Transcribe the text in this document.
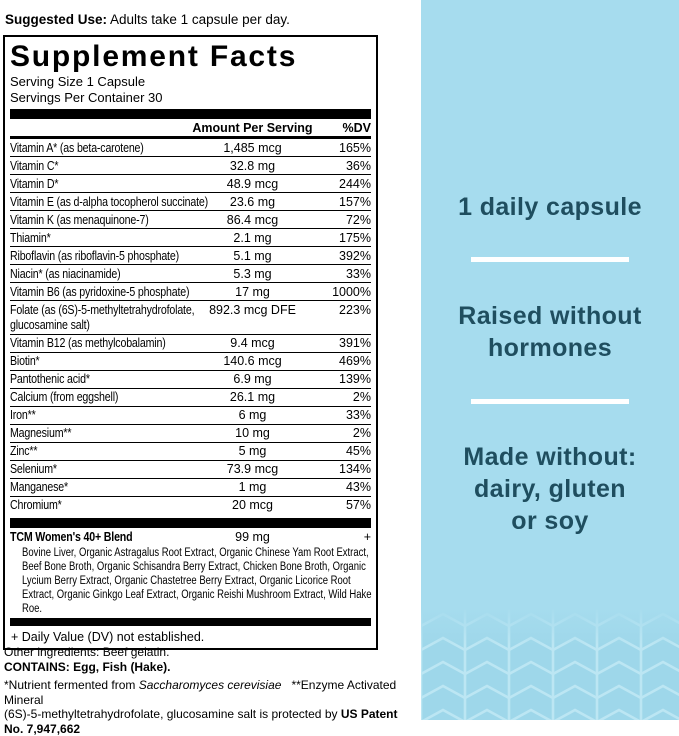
Suggested Use: Adults take 1 capsule per day.
Supplement Facts
Serving Size 1 Capsule
Servings Per Container 30
Amount Per Serving	%DV
Vitamin A* (as beta-carotene)	1,485 mcg	165%
Vitamin C*	32.8 mg	36%
Vitamin D*	48.9 mcg	244%
Vitamin E (as d-alpha tocopherol succinate)	23.6 mg	157%
Vitamin K (as menaquinone-7)	86.4 mcg	72%
Thiamin*	2.1 mg	175%
Riboflavin (as riboflavin-5 phosphate)	5.1 mg	392%
Niacin* (as niacinamide)	5.3 mg	33%
Vitamin B6 (as pyridoxine-5 phosphate)	17 mg	1000%
Folate (as (6S)-5-methyltetrahydrofolate,
glucosamine salt)
892.3 mcg DFE	223%
Vitamin B12 (as methylcobalamin)	9.4 mcg	391%
Biotin*	140.6 mcg	469%
Pantothenic acid*	6.9 mg	139%
Calcium (from eggshell)	26.1 mg	2%
Iron**	6 mg	33%
Magnesium**	10 mg	2%
Zinc**	5 mg	45%
Selenium*	73.9 mcg	134%
Manganese*	1 mg	43%
Chromium*	20 mcg	57%
TCM Women's 40+ Blend	99 mg	+
Bovine Liver, Organic Astragalus Root Extract, Organic Chinese Yam Root Extract, Beef Bone Broth, Organic Schisandra Berry Extract, Chicken Bone Broth, Organic Lycium Berry Extract, Organic Chastetree Berry Extract, Organic Licorice Root Extract, Organic Ginkgo Leaf Extract, Organic Reishi Mushroom Extract, Wild Hake Roe.
+ Daily Value (DV) not established.
Other ingredients: Beef gelatin.
CONTAINS: Egg, Fish (Hake).
*Nutrient fermented from Saccharomyces cerevisiae   **Enzyme Activated Mineral
(6S)-5-methyltetrahydrofolate, glucosamine salt is protected by US Patent No. 7,947,662
1 daily capsule
Raised without
hormones
Made without:
dairy, gluten
or soy
